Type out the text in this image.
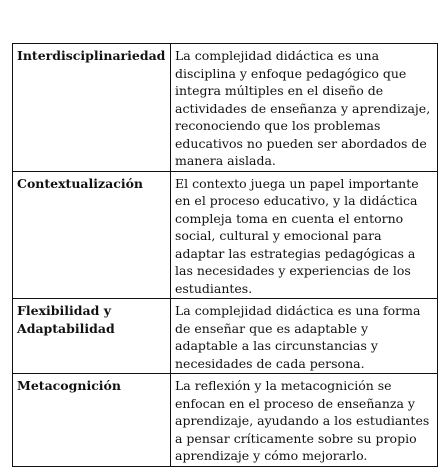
Interdisciplinariedad	La complejidad didáctica es una disciplina y enfoque pedagógico que integra múltiples en el diseño de actividades de enseñanza y aprendizaje, reconociendo que los problemas educativos no pueden ser abordados de manera aislada.
Contextualización	El contexto juega un papel importante en el proceso educativo, y la didáctica compleja toma en cuenta el entorno social, cultural y emocional para adaptar las estrategias pedagógicas a las necesidades y experiencias de los estudiantes.
Flexibilidad y Adaptabilidad	La complejidad didáctica es una forma de enseñar que es adaptable y adaptable a las circunstancias y necesidades de cada persona.
Metacognición	La reflexión y la metacognición se enfocan en el proceso de enseñanza y aprendizaje, ayudando a los estudiantes a pensar críticamente sobre su propio aprendizaje y cómo mejorarlo.
